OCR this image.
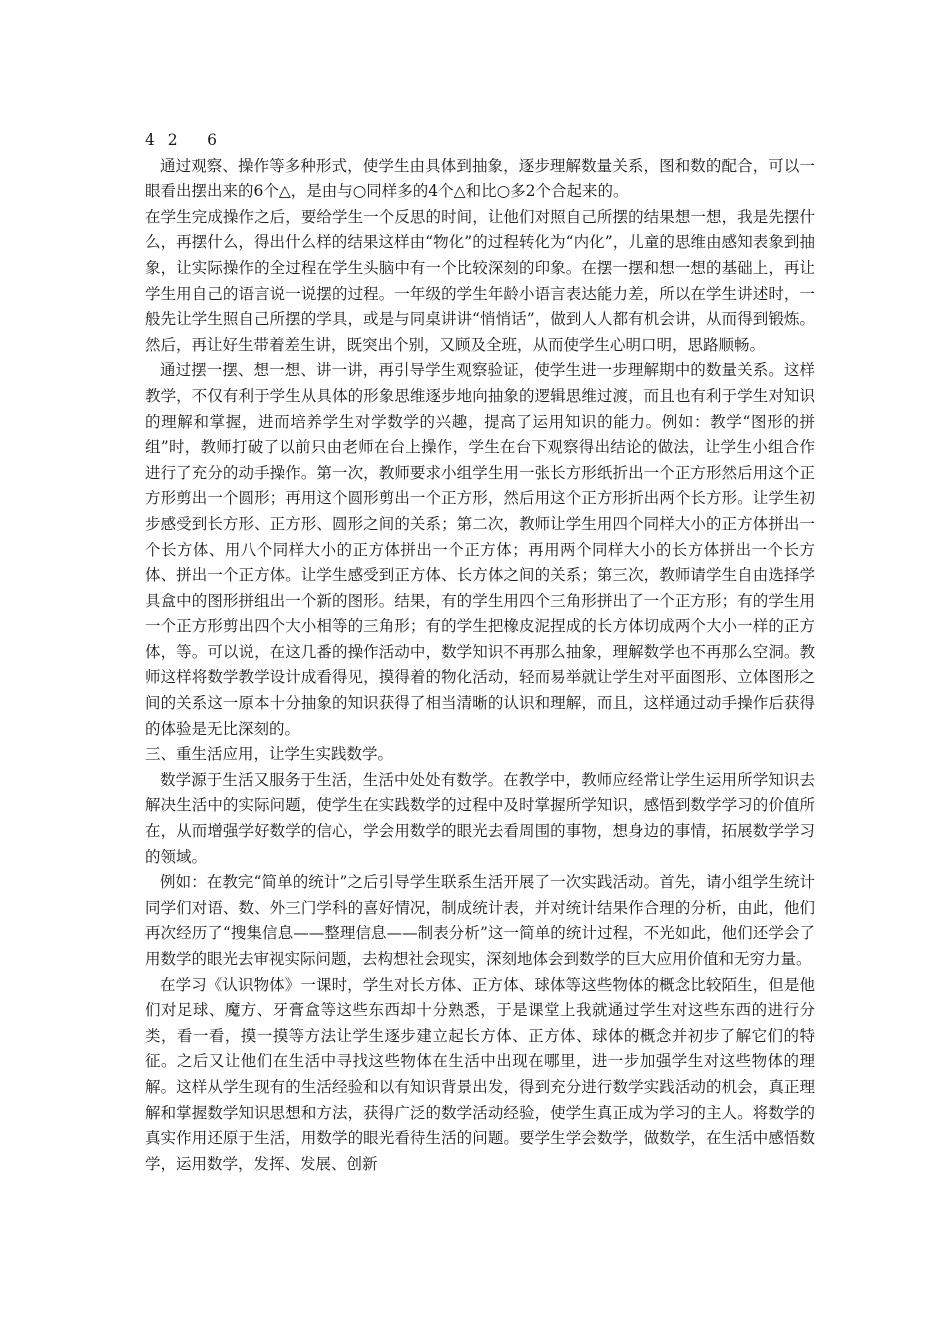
4 2　 6

通过观察、操作等多种形式，使学生由具体到抽象，逐步理解数量关系，图和数的配合，可以一眼看出摆出来的6个△，是由与○同样多的4个△和比○多2个合起来的。

在学生完成操作之后，要给学生一个反思的时间，让他们对照自己所摆的结果想一想，我是先摆什么，再摆什么，得出什么样的结果这样由“物化”的过程转化为“内化”，儿童的思维由感知表象到抽象，让实际操作的全过程在学生头脑中有一个比较深刻的印象。在摆一摆和想一想的基础上，再让学生用自己的语言说一说摆的过程。一年级的学生年龄小语言表达能力差，所以在学生讲述时，一般先让学生照自己所摆的学具，或是与同桌讲讲“悄悄话”，做到人人都有机会讲，从而得到锻炼。然后，再让好生带着差生讲，既突出个别，又顾及全班，从而使学生心明口明，思路顺畅。

通过摆一摆、想一想、讲一讲，再引导学生观察验证，使学生进一步理解期中的数量关系。这样教学，不仅有利于学生从具体的形象思维逐步地向抽象的逻辑思维过渡，而且也有利于学生对知识的理解和掌握，进而培养学生对学数学的兴趣，提高了运用知识的能力。例如：教学“图形的拼组”时，教师打破了以前只由老师在台上操作，学生在台下观察得出结论的做法，让学生小组合作进行了充分的动手操作。第一次，教师要求小组学生用一张长方形纸折出一个正方形然后用这个正方形剪出一个圆形；再用这个圆形剪出一个正方形，然后用这个正方形折出两个长方形。让学生初步感受到长方形、正方形、圆形之间的关系；第二次，教师让学生用四个同样大小的正方体拼出一个长方体、用八个同样大小的正方体拼出一个正方体；再用两个同样大小的长方体拼出一个长方体、拼出一个正方体。让学生感受到正方体、长方体之间的关系；第三次，教师请学生自由选择学具盒中的图形拼组出一个新的图形。结果，有的学生用四个三角形拼出了一个正方形；有的学生用一个正方形剪出四个大小相等的三角形；有的学生把橡皮泥捏成的长方体切成两个大小一样的正方体，等。可以说，在这几番的操作活动中，数学知识不再那么抽象，理解数学也不再那么空洞。教师这样将数学教学设计成看得见，摸得着的物化活动，轻而易举就让学生对平面图形、立体图形之间的关系这一原本十分抽象的知识获得了相当清晰的认识和理解，而且，这样通过动手操作后获得的体验是无比深刻的。

三、重生活应用，让学生实践数学。

数学源于生活又服务于生活，生活中处处有数学。在教学中，教师应经常让学生运用所学知识去解决生活中的实际问题，使学生在实践数学的过程中及时掌握所学知识，感悟到数学学习的价值所在，从而增强学好数学的信心，学会用数学的眼光去看周围的事物，想身边的事情，拓展数学学习的领域。

例如：在教完“简单的统计”之后引导学生联系生活开展了一次实践活动。首先，请小组学生统计同学们对语、数、外三门学科的喜好情况，制成统计表，并对统计结果作合理的分析，由此，他们再次经历了“搜集信息——整理信息——制表分析”这一简单的统计过程，不光如此，他们还学会了用数学的眼光去审视实际问题，去构想社会现实，深刻地体会到数学的巨大应用价值和无穷力量。

在学习《认识物体》一课时，学生对长方体、正方体、球体等这些物体的概念比较陌生，但是他们对足球、魔方、牙膏盒等这些东西却十分熟悉，于是课堂上我就通过学生对这些东西的进行分类，看一看，摸一摸等方法让学生逐步建立起长方体、正方体、球体的概念并初步了解它们的特征。之后又让他们在生活中寻找这些物体在生活中出现在哪里，进一步加强学生对这些物体的理解。这样从学生现有的生活经验和以有知识背景出发，得到充分进行数学实践活动的机会，真正理解和掌握数学知识思想和方法，获得广泛的数学活动经验，使学生真正成为学习的主人。将数学的真实作用还原于生活，用数学的眼光看待生活的问题。要学生学会数学，做数学，在生活中感悟数学，运用数学，发挥、发展、创新
